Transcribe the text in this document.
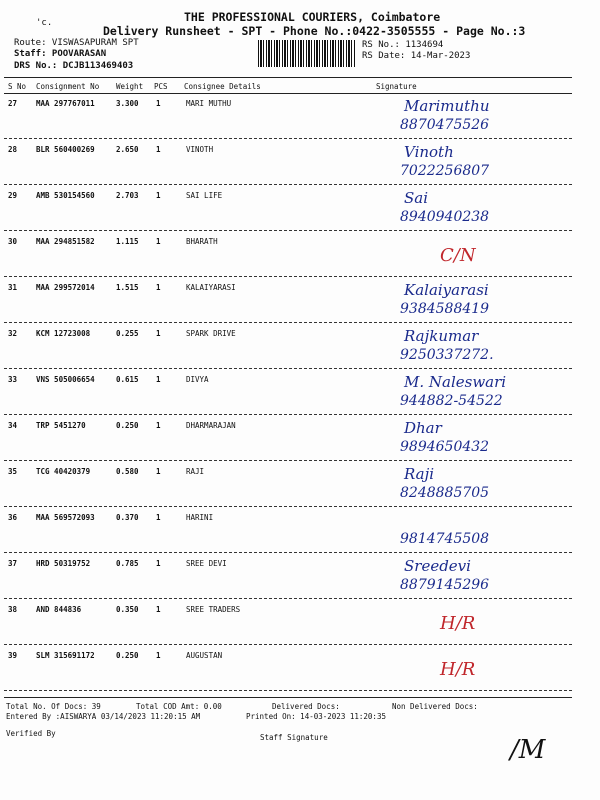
'c.	THE PROFESSIONAL COURIERS, Coimbatore
Delivery Runsheet - SPT - Phone No.:0422-3505555 - Page No.:3
Route: VISWASAPURAM SPT
Staff: POOVARASAN
DRS No.: DCJB113469403
RS No.: 1134694
RS Date: 14-Mar-2023
S No Consignment No Weight PCS Consignee Details	Signature
27	MAA 297767011	3.300 1	MARI MUTHU	Marimuthu
8870475526
28	BLR 560400269	2.650 1	VINOTH	Vinoth
7022256807
29	AMB 530154560	2.703 1	SAI LIFE	Sai
8940940238
30	MAA 294851582	1.115 1	BHARATH
C/N
31	MAA 299572014	1.515 1	KALAIYARASI	Kalaiyarasi
9384588419
32	KCM 12723008	0.255 1	SPARK DRIVE	Rajkumar
9250337272.
33	VNS 505006654	0.615 1	DIVYA	M. Naleswari
944882-54522
34	TRP 5451270	0.250 1	DHARMARAJAN	Dhar
9894650432
35	TCG 40420379	0.580 1	RAJI	Raji
8248885705
36	MAA 569572093	0.370 1	HARINI
9814745508
37	HRD 50319752	0.785 1	SREE DEVI	Sreedevi
8879145296
38	AND 844836	0.350 1	SREE TRADERS
H/R
39	SLM 315691172	0.250 1	AUGUSTAN
H/R
Total No. Of Docs: 39	Total COD Amt: 0.00	Delivered Docs:	Non Delivered Docs:
Entered By :AISWARYA 03/14/2023 11:20:15 AM	Printed On: 14-03-2023 11:20:35
Verified By	Staff Signature	/M
